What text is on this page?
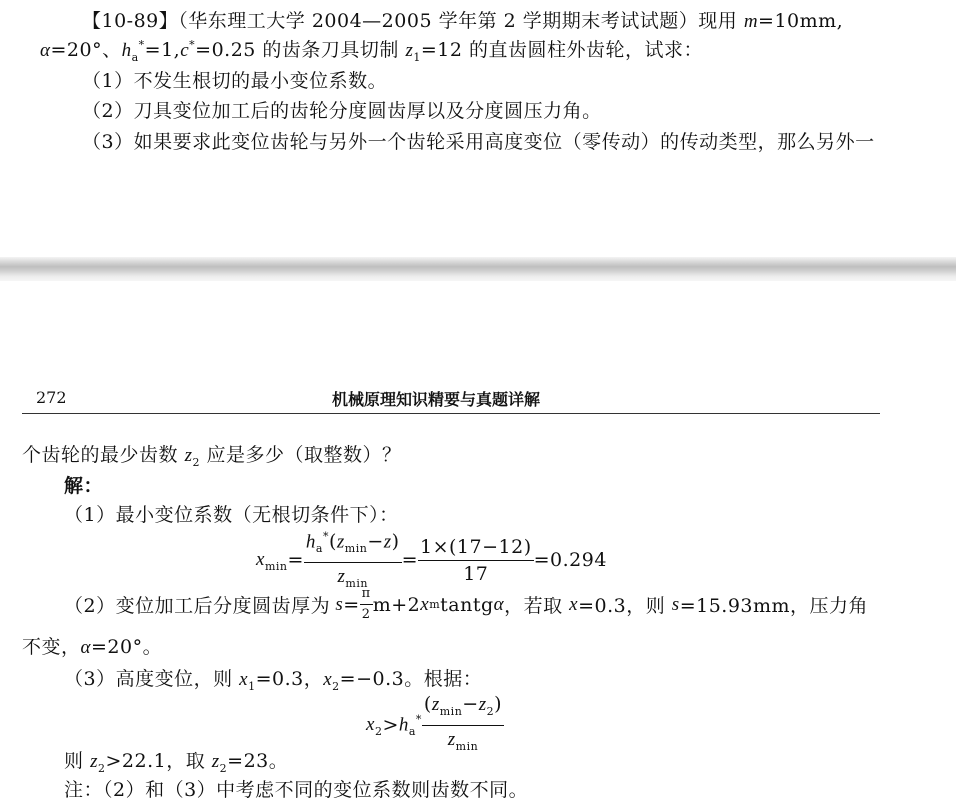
【10-89】（华东理工大学 2004—2005 学年第 2 学期期末考试试题）现用 m=10mm,
α=20°、$h_a^*=1,c^*=0.25$ 的齿条刀具切制 $z_1=12$ 的直齿圆柱外齿轮，试求：
（1）不发生根切的最小变位系数。
（2）刀具变位加工后的齿轮分度圆齿厚以及分度圆压力角。
（3）如果要求此变位齿轮与另外一个齿轮采用高度变位（零传动）的传动类型，那么另外一
272	机械原理知识精要与真题详解
个齿轮的最少齿数 $z_2$ 应是多少（取整数）？
解：
（1）最小变位系数（无根切条件下）：
$x_{min} = \frac{h_a^*(z_{min}-z)}{z_{min}} = \frac{1\times(17-12)}{17} =0.294$
（2）变位加工后分度圆齿厚为 $s = \frac{\pi}{2} m+2$ x m tantg α ，若取
x =0.3，则
s =15.93mm，压力角
不变，α=20°。
（3）高度变位，则 $x_1=0.3$，$x_2=-0.3$。根据：
$x_2 > h_a^* \frac{(z_{min}-z_2)}{z_{min}}$
则 $z_2>22.1$，取 $z_2=23$。
注：（2）和（3）中考虑不同的变位系数则齿数不同。
